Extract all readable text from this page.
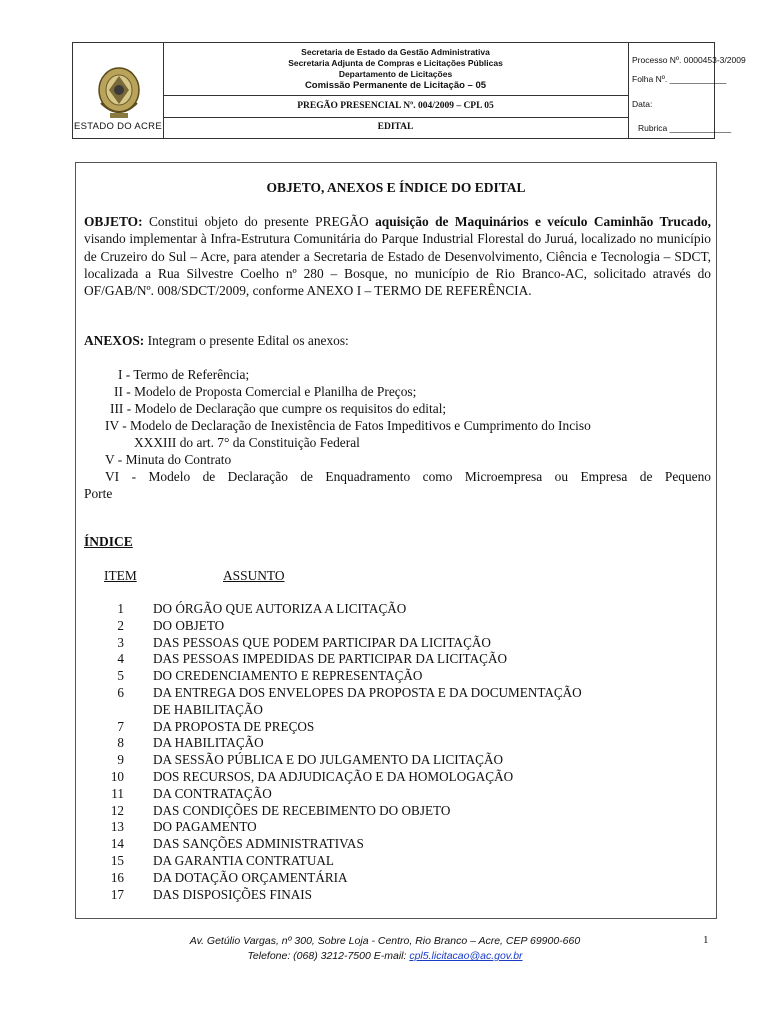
ESTADO DO ACRE
Secretaria de Estado da Gestão Administrativa
Secretaria Adjunta de Compras e Licitações Públicas
Departamento de Licitações
Comissão Permanente de Licitação – 05
PREGÃO PRESENCIAL Nº. 004/2009 – CPL 05
EDITAL
Processo Nº. 0000453-3/2009
Folha Nº. ____________
Data:
Rubrica _____________
OBJETO, ANEXOS E ÍNDICE DO EDITAL
OBJETO: Constitui objeto do presente PREGÃO aquisição de Maquinários e veículo Caminhão Trucado, visando implementar à Infra-Estrutura Comunitária do Parque Industrial Florestal do Juruá, localizado no município de Cruzeiro do Sul – Acre, para atender a Secretaria de Estado de Desenvolvimento, Ciência e Tecnologia – SDCT, localizada a Rua Silvestre Coelho nº 280 – Bosque, no município de Rio Branco-AC, solicitado através do OF/GAB/Nº. 008/SDCT/2009, conforme ANEXO I – TERMO DE REFERÊNCIA.
ANEXOS: Integram o presente Edital os anexos:
I - Termo de Referência;
II - Modelo de Proposta Comercial e Planilha de Preços;
III - Modelo de Declaração que cumpre os requisitos do edital;
IV - Modelo de Declaração de Inexistência de Fatos Impeditivos e Cumprimento do Inciso
XXXIII do art. 7° da Constituição Federal
V - Minuta do Contrato
VI - Modelo de Declaração de Enquadramento como Microempresa ou Empresa de Pequeno
Porte
ÍNDICE
ITEM	ASSUNTO
1 DO ÓRGÃO QUE AUTORIZA A LICITAÇÃO
2 DO OBJETO
3 DAS PESSOAS QUE PODEM PARTICIPAR DA LICITAÇÃO
4 DAS PESSOAS IMPEDIDAS DE PARTICIPAR DA LICITAÇÃO
5 DO CREDENCIAMENTO E REPRESENTAÇÃO
6 DA ENTREGA DOS ENVELOPES DA PROPOSTA E DA DOCUMENTAÇÃO
DE HABILITAÇÃO
7 DA PROPOSTA DE PREÇOS
8 DA HABILITAÇÃO
9 DA SESSÃO PÚBLICA E DO JULGAMENTO DA LICITAÇÃO
10 DOS RECURSOS, DA ADJUDICAÇÃO E DA HOMOLOGAÇÃO
11 DA CONTRATAÇÃO
12 DAS CONDIÇÕES DE RECEBIMENTO DO OBJETO
13 DO PAGAMENTO
14 DAS SANÇÕES ADMINISTRATIVAS
15 DA GARANTIA CONTRATUAL
16 DA DOTAÇÃO ORÇAMENTÁRIA
17 DAS DISPOSIÇÕES FINAIS
Av. Getúlio Vargas, nº 300, Sobre Loja - Centro, Rio Branco – Acre, CEP 69900-660
Telefone: (068) 3212-7500 E-mail: cpl5.licitacao@ac.gov.br
1
